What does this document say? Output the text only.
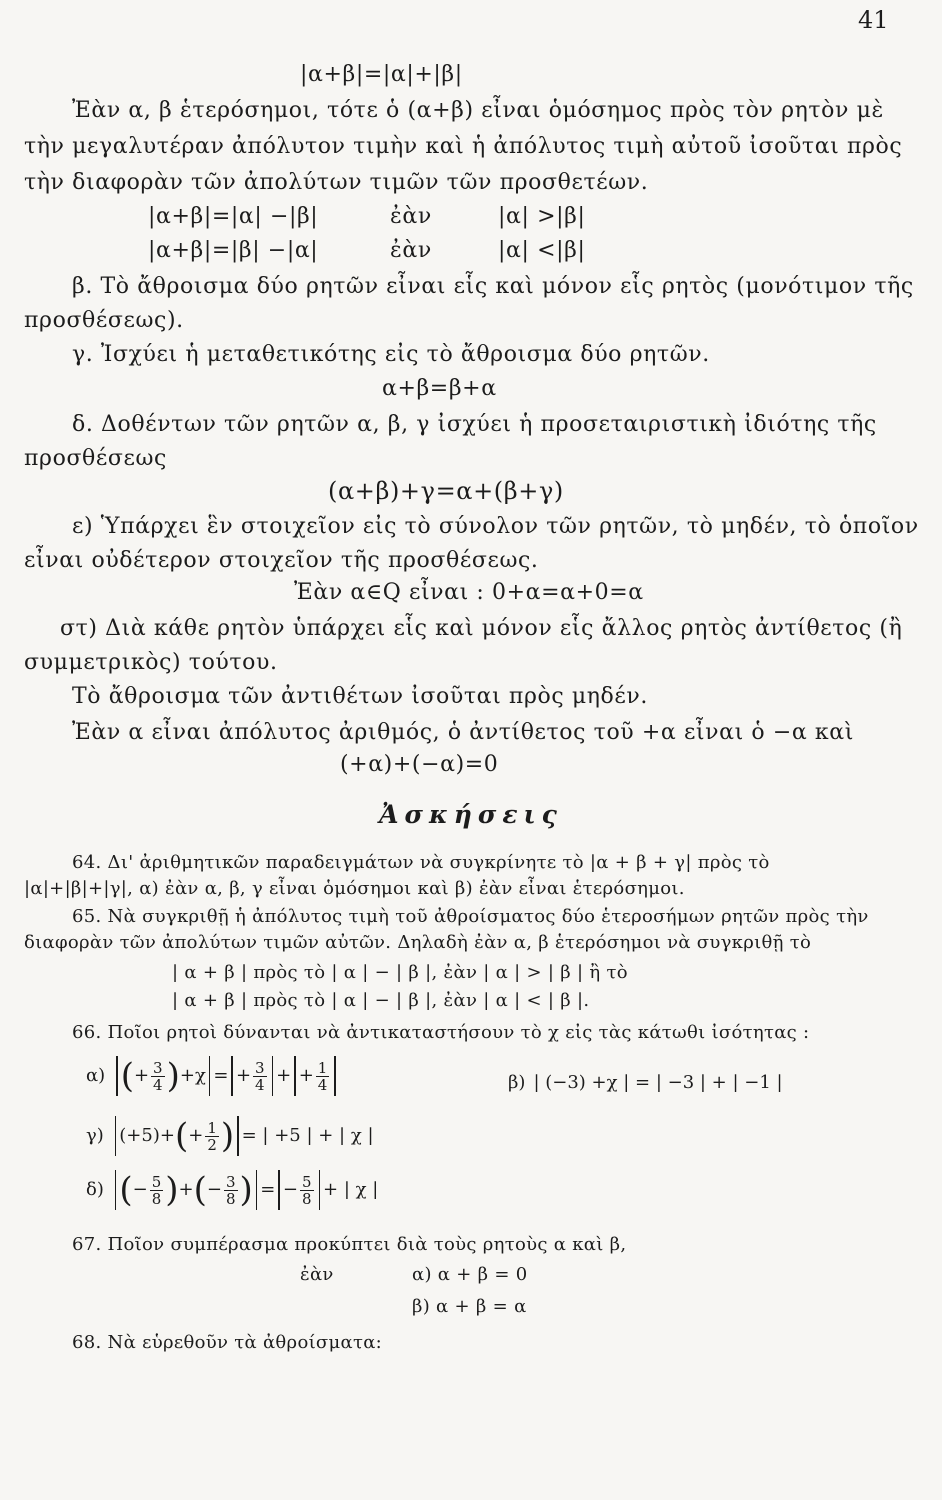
41
|α+β|=|α|+|β|
Ἐὰν α, β ἑτερόσημοι, τότε ὁ (α+β) εἶναι ὁμόσημος πρὸς τὸν ρητὸν μὲ
τὴν μεγαλυτέραν ἀπόλυτον τιμὴν καὶ ἡ ἀπόλυτος τιμὴ αὐτοῦ ἰσοῦται πρὸς
τὴν διαφορὰν τῶν ἀπολύτων τιμῶν τῶν προσθετέων.
|α+β|=|α| −|β|	ἐὰν	|α| >|β|
|α+β|=|β| −|α|	ἐὰν	|α| <|β|
β. Τὸ ἄθροισμα δύο ρητῶν εἶναι εἷς καὶ μόνον εἷς ρητὸς (μονότιμον τῆς
προσθέσεως).
γ. Ἰσχύει ἡ μεταθετικότης εἰς τὸ ἄθροισμα δύο ρητῶν.
α+β=β+α
δ. Δοθέντων τῶν ρητῶν α, β, γ ἰσχύει ἡ προσεταιριστικὴ ἰδιότης τῆς
προσθέσεως
(α+β)+γ=α+(β+γ)
ε) Ὑπάρχει ἓν στοιχεῖον εἰς τὸ σύνολον τῶν ρητῶν, τὸ μηδέν, τὸ ὁποῖον
εἶναι οὐδέτερον στοιχεῖον τῆς προσθέσεως.
Ἐὰν α∈Q εἶναι : 0+α=α+0=α
στ) Διὰ κάθε ρητὸν ὑπάρχει εἷς καὶ μόνον εἷς ἄλλος ρητὸς ἀντίθετος (ἢ
συμμετρικὸς) τούτου.
Τὸ ἄθροισμα τῶν ἀντιθέτων ἰσοῦται πρὸς μηδέν.
Ἐὰν α εἶναι ἀπόλυτος ἀριθμός, ὁ ἀντίθετος τοῦ +α εἶναι ὁ −α καὶ
(+α)+(−α)=0
Ἀσκήσεις
64. Δι' ἀριθμητικῶν παραδειγμάτων νὰ συγκρίνητε τὸ |α + β + γ| πρὸς τὸ
|α|+|β|+|γ|, α) ἐὰν α, β, γ εἶναι ὁμόσημοι καὶ β) ἐὰν εἶναι ἑτερόσημοι.
65. Νὰ συγκριθῇ ἡ ἀπόλυτος τιμὴ τοῦ ἀθροίσματος δύο ἑτεροσήμων ρητῶν πρὸς τὴν
διαφορὰν τῶν ἀπολύτων τιμῶν αὐτῶν. Δηλαδὴ ἐὰν α, β ἑτερόσημοι νὰ συγκριθῇ τὸ
| α + β | πρὸς τὸ | α | − | β |, ἐὰν | α | > | β | ἢ τὸ
| α + β | πρὸς τὸ | α | − | β |, ἐὰν | α | < | β |.
66. Ποῖοι ρητοὶ δύνανται νὰ ἀντικαταστήσουν τὸ χ εἰς τὰς κάτωθι ἰσότητας :
α) (+ $\frac{3}{4} )+\chi$ = + $\frac{3}{4}$ + + $\frac{1}{4}$	β) | (−3) +χ | = | −3 | + | −1 |
γ) $(+5)+(+ \frac{1}{2}$ ) = | +5 | + | χ |
δ) (− $\frac{5}{8}$ )+(− $\frac{3}{8}$ ) = − $\frac{5}{8}$ + | χ |
67. Ποῖον συμπέρασμα προκύπτει διὰ τοὺς ρητοὺς α καὶ β,
ἐὰν	α) α + β = 0
β) α + β = α
68. Νὰ εὑρεθοῦν τὰ ἀθροίσματα:
